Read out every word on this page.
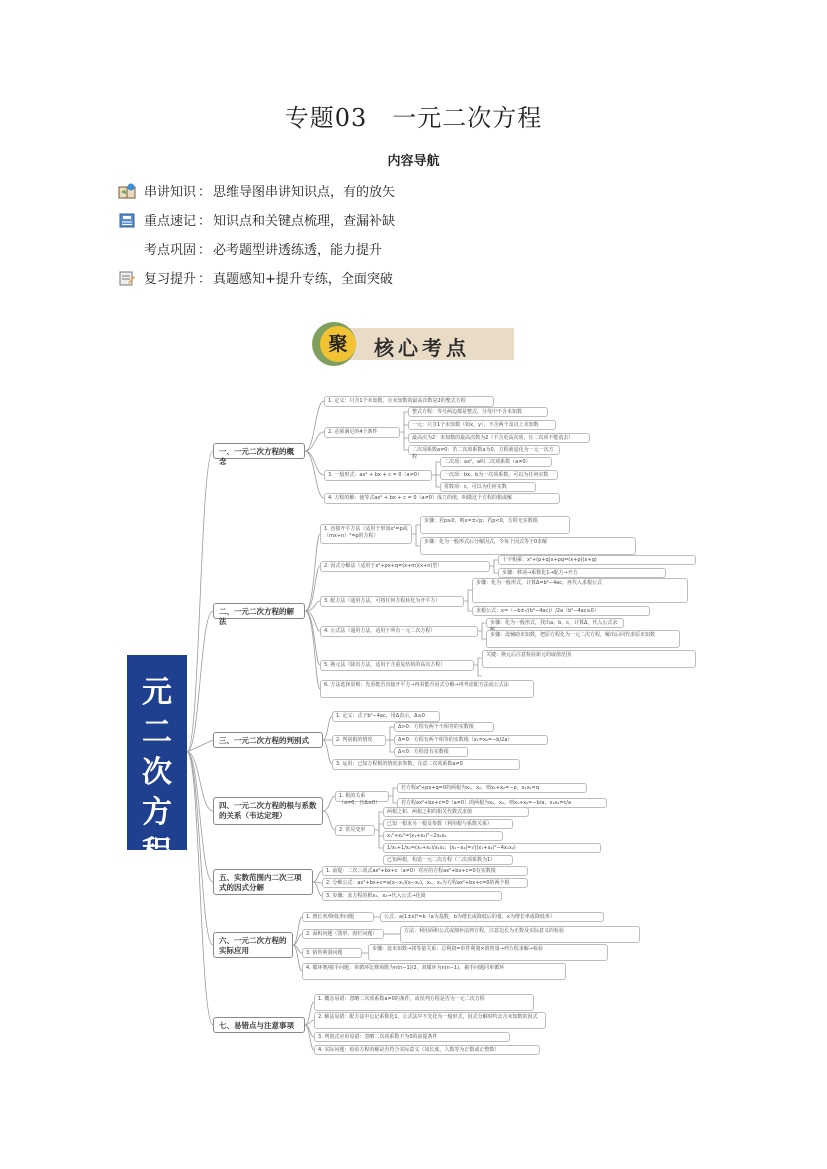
专题03　一元二次方程
内容导航
串讲知识 ： 思维导图串讲知识点，有的放矢
重点速记 ： 知识点和关键点梳理，查漏补缺
考点巩固 ： 必考题型讲透练透，能力提升
复习提升 ： 真题感知+提升专练，全面突破
聚	核心考点
一
元
二
次
方
程
一、一元二次方程的概念
二、一元二次方程的解法
三、一元二次方程的判别式
四、一元二次方程的根与系数的关系（韦达定理）
五、实数范围内二次三项式的因式分解
六、一元二次方程的实际应用
七、易错点与注意事项
1. 定义：只含1个未知数，且未知数的最高次数是2的整式方程
2. 必须满足的4个条件
3. 一般形式：ax² + bx + c = 0（a≠0）
4. 方程的解：使等式ax² + bx + c = 0（a≠0）成立的值，叫做这个方程的根或解
整式方程：等号两边都是整式，分母中不含未知数
一元：只含1个未知数（如x，y），不含两个及以上未知数
最高次为2：未知数的最高次数为2（不含更高次项，且二次项不能消去）
二次项系数a≠0：若二次项系数a为0，方程就退化为一元一次方程
二次项：ax²，a叫二次项系数（a≠0）
一次项：bx，b为一次项系数，可以为任何实数
常数项：c，可以为任何实数
1. 直接开平方法（适用于形如x²=p或（mx+n）²=p的方程）
2. 因式分解法（适用于x²+px+q=(x+m)(x+n)型）
3. 配方法（通用方法，可将任何方程转化为开平方）
4. 公式法（通用方法，适用于所有一元二次方程）
5. 换元法（降次方法，适用于含重复结构的高次方程）
6. 方法选择原则：先看能否直接开平方→再看能否因式分解→再考虑配方法或公式法
步骤：若p≥0，则x=±√p；若p<0，方程无实数根
步骤：化为一般形式后分解因式，令每个因式等于0求解
十字相乘：x²+(p+q)x+pq=(x+p)(x+q)
步骤：移项→系数化1→配方→开方
步骤：化为一般形式，计算Δ=b²−4ac，再代入求根公式
求根公式：x=（−b±√(b²−4ac)）/2a（b²−4ac≥0）
步骤：化为一般形式，找出a、b、c，计算Δ，代入公式求
步骤：设辅助未知数，把原方程化为一元二次方程，解出后回代求原未知数
关键：换元后注意检验新元的取值范围
1. 定义：式子b²−4ac，用Δ表示，Δ≥0
2. 判别根的情况
3. 运用：已知方程根的情况求参数，注意二次项系数a≠0
Δ>0：方程有两个不相等的实数根
Δ=0：方程有两个相等的实数根（x₁=x₂=−b/2a）
Δ<0：方程没有实数根
1. 根的关系（a≠0，且Δ≥0）
2. 常见变形
若方程x²+px+q=0的两根为x₁，x₂，则x₁+x₂=−p，x₁x₂=q
若方程ax²+bx+c=0（a≠0）的两根为x₁，x₂，则x₁+x₂=−b/a，x₁x₂=c/a
两根之和、两根之积的相关代数式求值
已知一根求另一根及参数（利用根与系数关系）
x₁²+x₂²=(x₁+x₂)²−2x₁x₂
1/x₁+1/x₂=(x₁+x₂)/x₁x₂；|x₁−x₂|=√((x₁+x₂)²−4x₁x₂)
已知两根，构造一元二次方程（二次项系数为1）
1. 前提：二次三项式ax²+bx+c（a≠0）对应的方程ax²+bx+c=0有实数根
2. 分解公式：ax²+bx+c=a(x−x₁)(x−x₂)，x₁、x₂为方程ax²+bx+c=0的两个根
3. 步骤：求方程的根x₁，x₂→代入公式→化简
1. 增长率/降低率问题
2. 面积问题（图形、围栏问题）
3. 销售利润问题
4. 循环赛/握手问题：单循环比赛场数为n(n−1)/2，双循环为n(n−1)，握手问题同单循环
公式：a(1±x)²=b（a为基数，b为增长或降低后的量，x为增长率或降低率）
方法：利用面积公式或割补法列方程，注意边长为正数及实际意义的检验
步骤：设未知数→找等量关系：总利润=单件利润×销售量→列方程求解→检验
1. 概念易错：忽略二次项系数a≠0的条件，或误判方程是否为一元二次方程
2. 解法易错：配方法中忘记系数化1，公式法中不先化为一般形式，因式分解时约去含未知数的因式
3. 判别式应用易错：忽略二次项系数不为0的前提条件
4. 实际问题：检验方程的解是否符合实际意义（如长度、人数等为正数或正整数）
